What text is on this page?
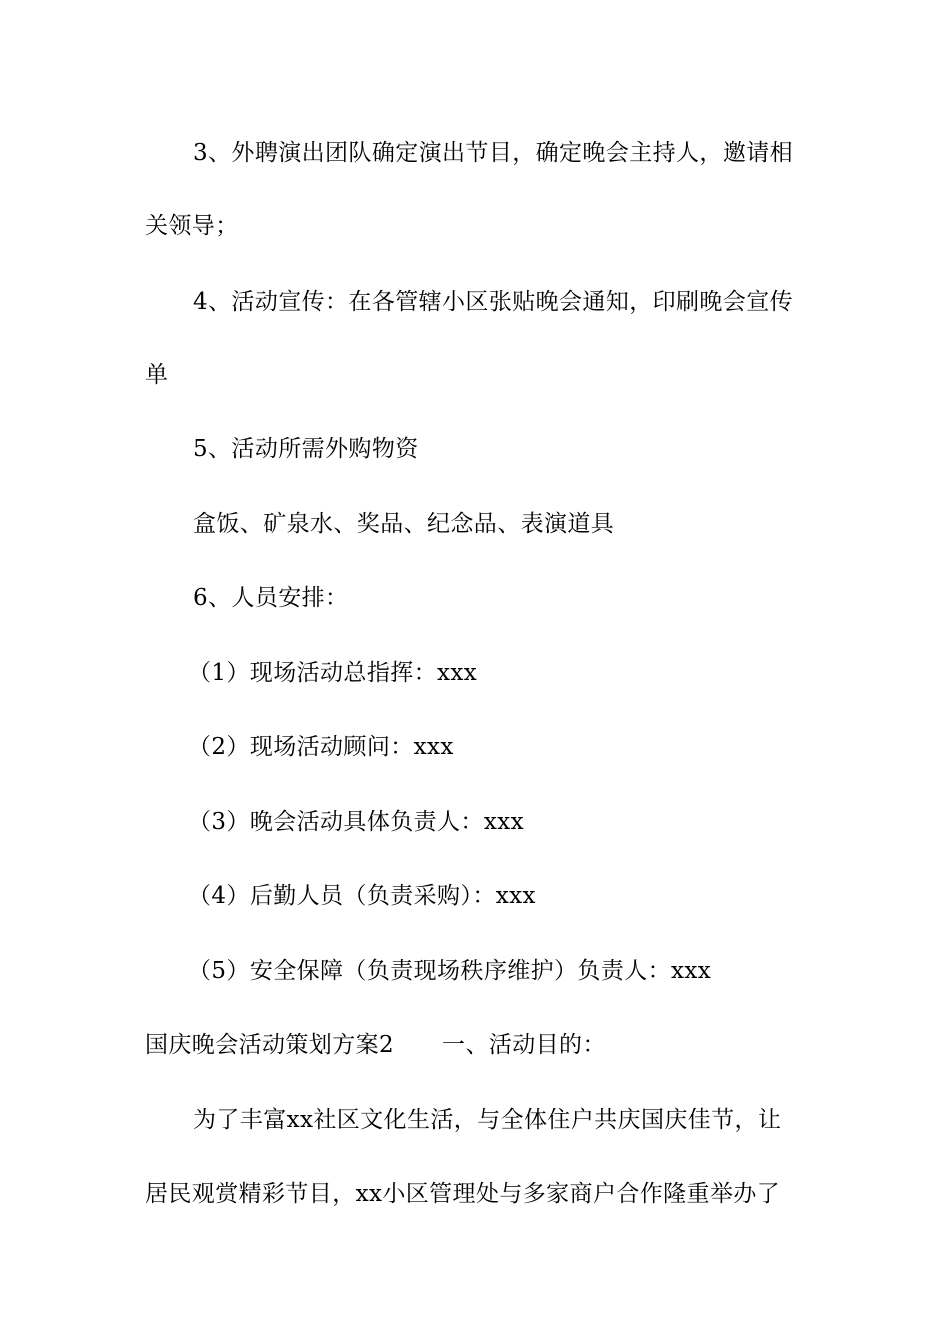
3、外聘演出团队确定演出节目，确定晚会主持人，邀请相
关领导；
4、活动宣传：在各管辖小区张贴晚会通知，印刷晚会宣传
单
5、活动所需外购物资
盒饭、矿泉水、奖品、纪念品、表演道具
6、人员安排：
（1）现场活动总指挥：xxx
（2）现场活动顾问：xxx
（3）晚会活动具体负责人：xxx
（4）后勤人员（负责采购）：xxx
（5）安全保障（负责现场秩序维护）负责人：xxx
国庆晚会活动策划方案2 一、活动目的：
为了丰富xx社区文化生活，与全体住户共庆国庆佳节，让
居民观赏精彩节目，xx小区管理处与多家商户合作隆重举办了
